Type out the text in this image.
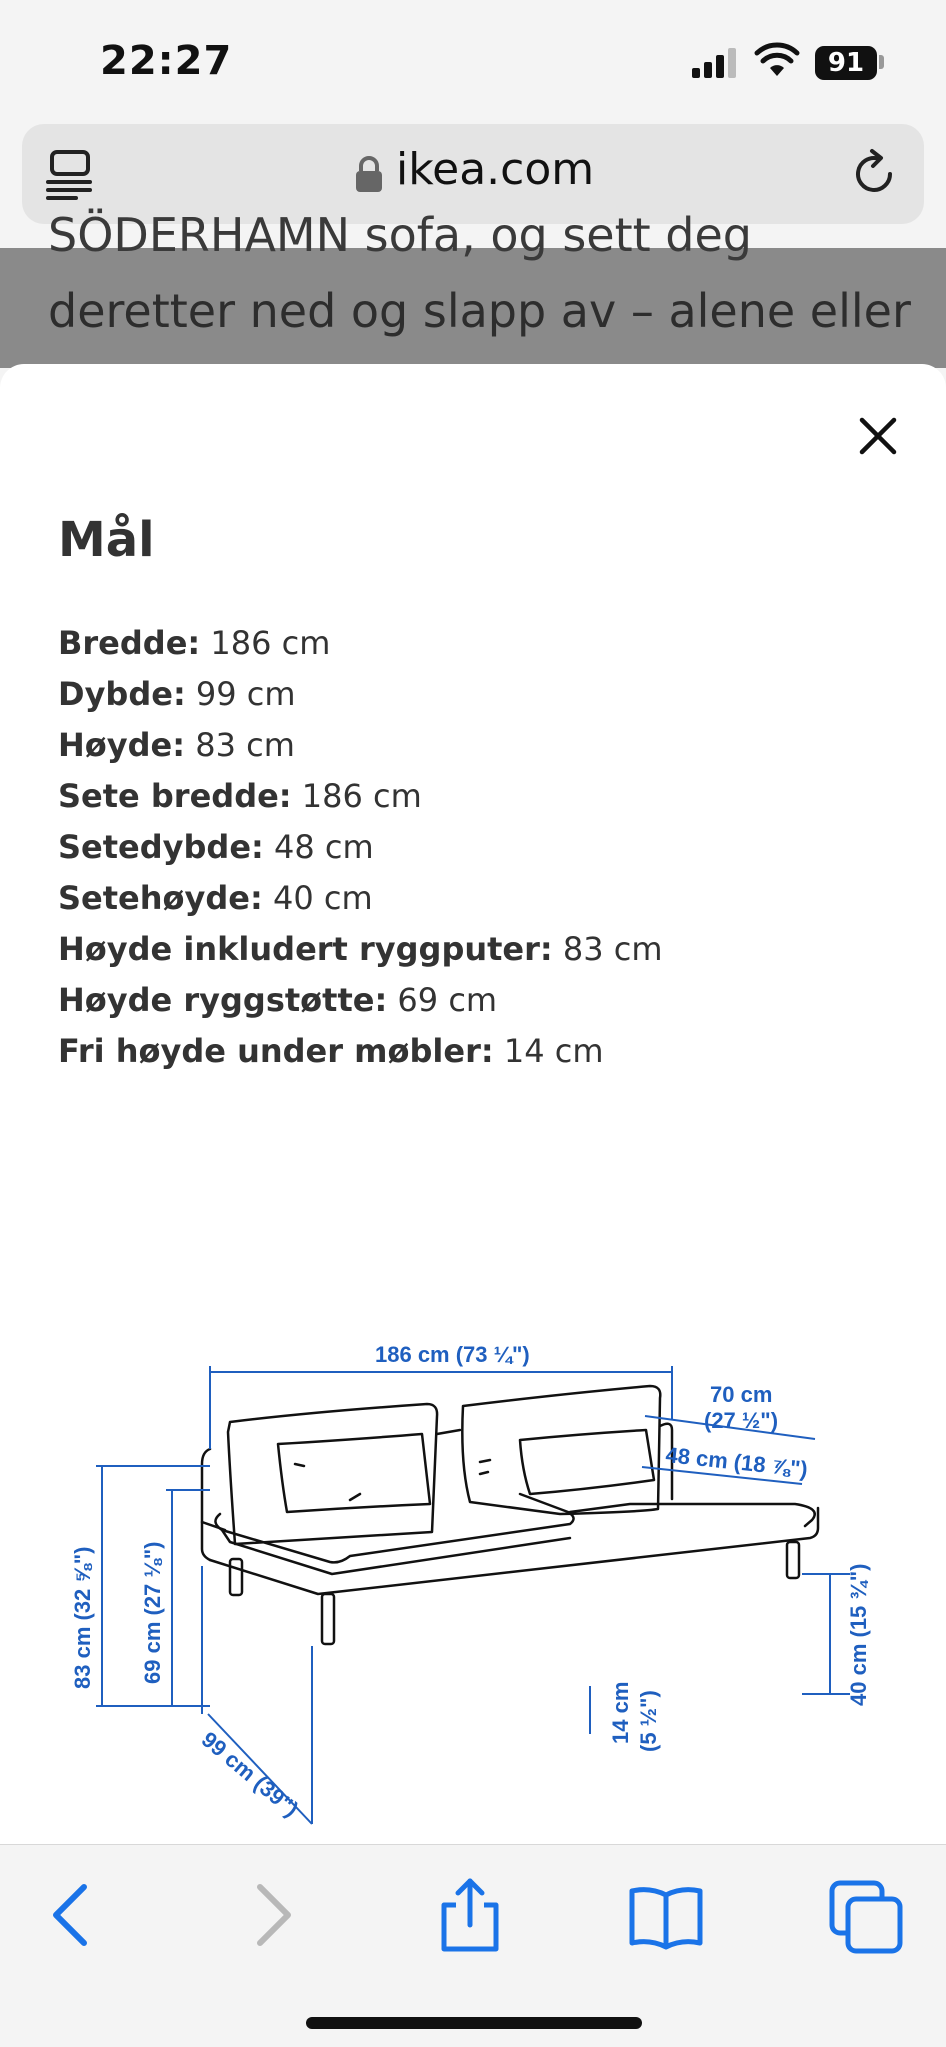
22:27	91
ikea.com
SÖDERHAMN sofa, og sett deg
deretter ned og slapp av – alene eller
Mål
Bredde: 186 cm
Dybde: 99 cm
Høyde: 83 cm
Sete bredde: 186 cm
Setedybde: 48 cm
Setehøyde: 40 cm
Høyde inkludert ryggputer: 83 cm
Høyde ryggstøtte: 69 cm
Fri høyde under møbler: 14 cm
186 cm (73 ¼")
70 cm
(27 ½")
48 cm (18 ⅞")
83 cm (32 ⅝") 69 cm (27 ⅛")	40 cm (15 ¾")
14 cm (5 ½")
99 cm (39")
